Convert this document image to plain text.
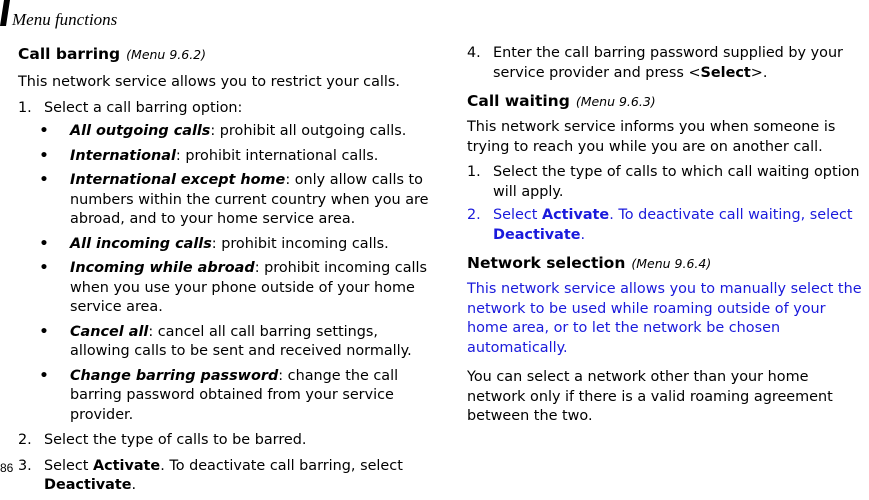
Menu functions
Call barring (Menu 9.6.2)

This network service allows you to restrict your calls.

1. Select a call barring option:
•	All outgoing calls: prohibit all outgoing calls.
•	International: prohibit international calls.
•	International except home: only allow calls to numbers within the current country when you are abroad, and to your home service area.
•	All incoming calls: prohibit incoming calls.
•	Incoming while abroad: prohibit incoming calls when you use your phone outside of your home service area.
•	Cancel all: cancel all call barring settings, allowing calls to be sent and received normally.
•	Change barring password: change the call barring password obtained from your service provider.
2. Select the type of calls to be barred.
3. Select Activate. To deactivate call barring, select Deactivate.
4. Enter the call barring password supplied by your service provider and press <Select>.
Call waiting (Menu 9.6.3)

This network service informs you when someone is trying to reach you while you are on another call.

1. Select the type of calls to which call waiting option will apply.
2. Select Activate. To deactivate call waiting, select Deactivate.
Network selection (Menu 9.6.4)

This network service allows you to manually select the network to be used while roaming outside of your home area, or to let the network be chosen automatically.

You can select a network other than your home network only if there is a valid roaming agreement between the two.

86
